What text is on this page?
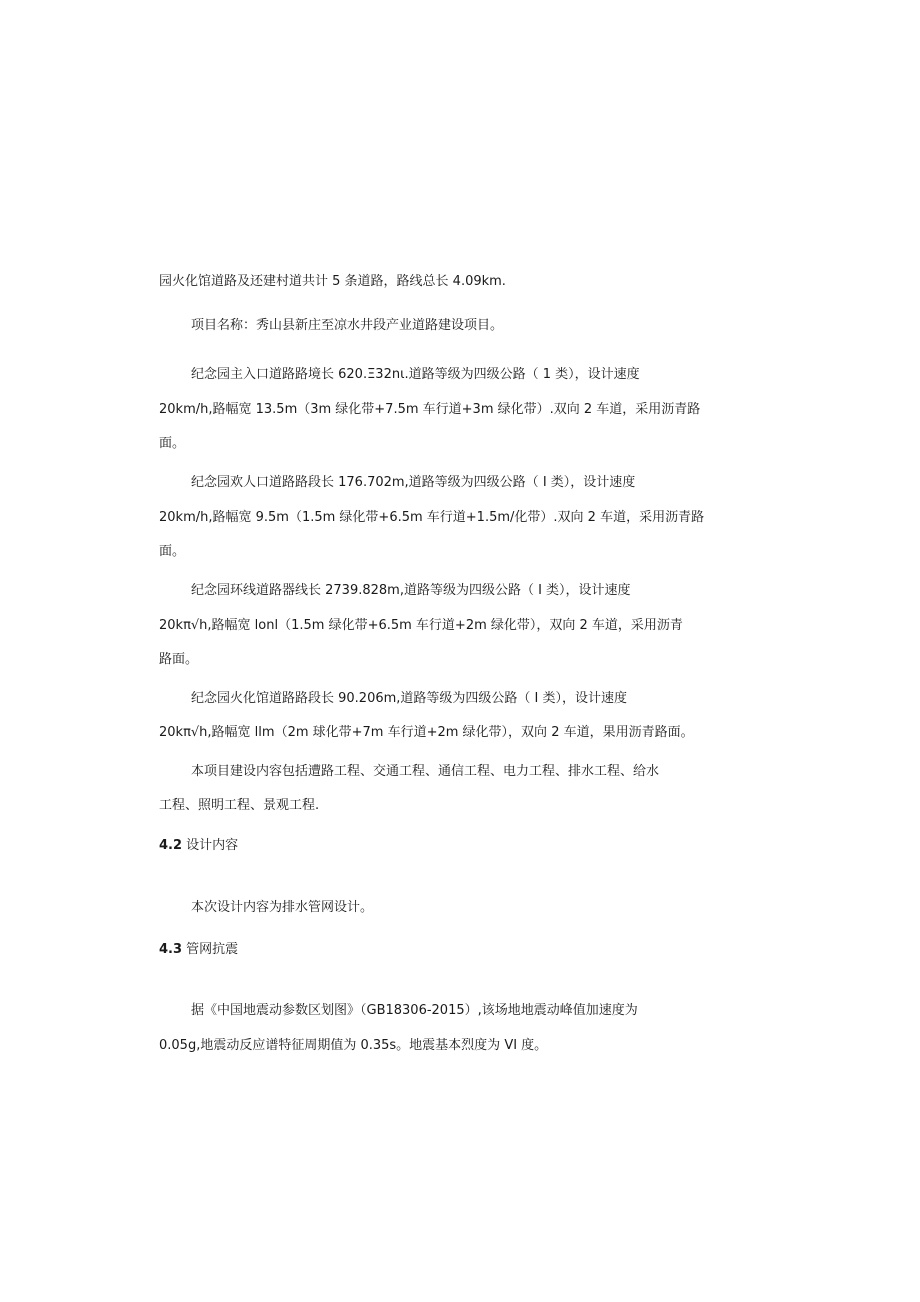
园火化馆道路及还建村道共计 5 条道路，路线总长 4.09km.
项目名称：秀山县新庄至凉水井段产业道路建设项目。
纪念园主入口道路路境长 620.Ξ32nι.道路等级为四级公路（ 1 类），设计速度
20km/h,路幅宽 13.5m（3m 绿化带+7.5m 车行道+3m 绿化带）.双向 2 车道，采用沥青路
面。
纪念园欢人口道路路段长 176.702m,道路等级为四级公路（ I 类），设计速度
20km/h,路幅宽 9.5m（1.5m 绿化带+6.5m 车行道+1.5m/化带）.双向 2 车道，采用沥青路
面。
纪念园环线道路器线长 2739.828m,道路等级为四级公路（ I 类），设计速度
20kπ√h,路幅宽 lonl（1.5m 绿化带+6.5m 车行道+2m 绿化带），双向 2 车道，采用沥青
路面。
纪念园火化馆道路路段长 90.206m,道路等级为四级公路（ I 类），设计速度
20kπ√h,路幅宽 llm（2m 球化带+7m 车行道+2m 绿化带），双向 2 车道，果用沥青路面。
本项目建设内容包括遭路工程、交通工程、通信工程、电力工程、排水工程、给水
工程、照明工程、景观工程.
4.2 设计内容
本次设计内容为排水管网设计。
4.3 管网抗震
据《中国地震动参数区划图》（GB18306-2015）,该场地地震动峰值加速度为
0.05g,地震动反应谱特征周期值为 0.35s。地震基本烈度为 VI 度。
